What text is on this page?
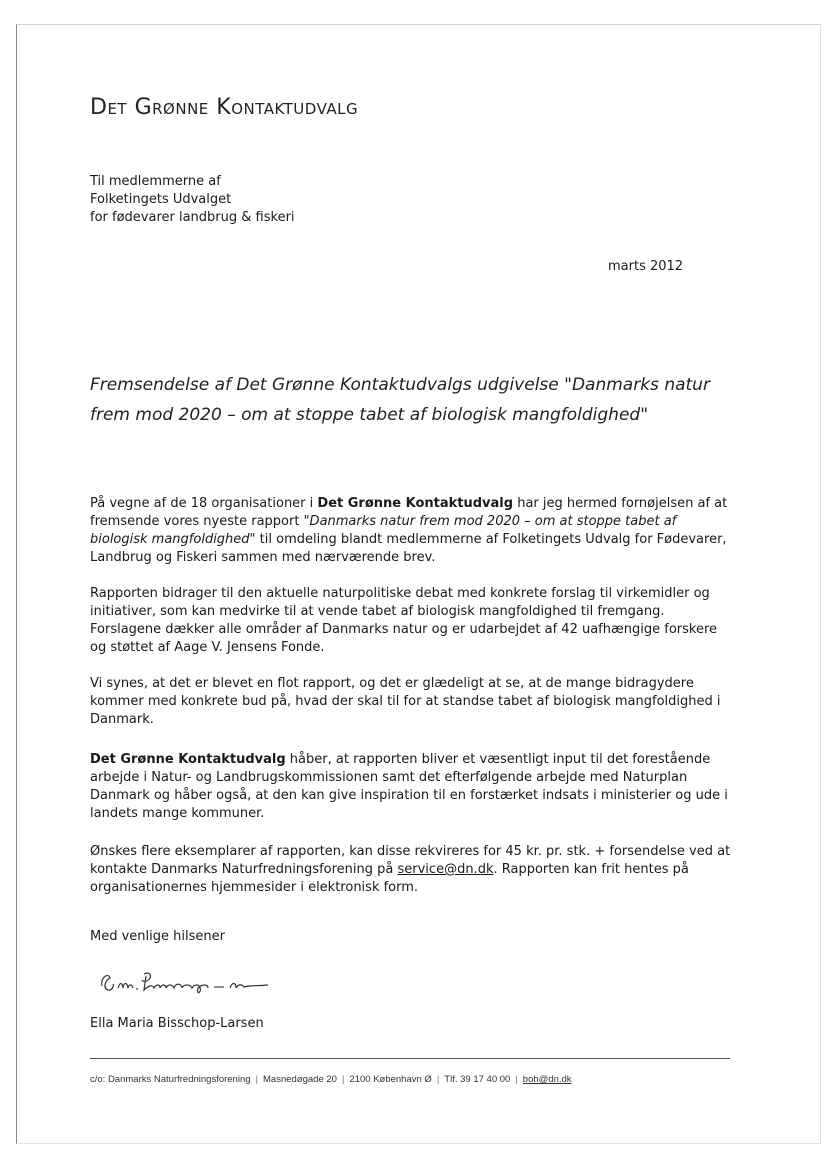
Det Grønne Kontaktudvalg
Til medlemmerne af
Folketingets Udvalget
for fødevarer landbrug & fiskeri
marts 2012
Fremsendelse af Det Grønne Kontaktudvalgs udgivelse "Danmarks natur frem mod 2020 – om at stoppe tabet af biologisk mangfoldighed"

På vegne af de 18 organisationer i Det Grønne Kontaktudvalg har jeg hermed fornøjelsen af at fremsende vores nyeste rapport "Danmarks natur frem mod 2020 – om at stoppe tabet af biologisk mangfoldighed" til omdeling blandt medlemmerne af Folketingets Udvalg for Fødevarer, Landbrug og Fiskeri sammen med nærværende brev.

Rapporten bidrager til den aktuelle naturpolitiske debat med konkrete forslag til virkemidler og initiativer, som kan medvirke til at vende tabet af biologisk mangfoldighed til fremgang. Forslagene dækker alle områder af Danmarks natur og er udarbejdet af 42 uafhængige forskere og støttet af Aage V. Jensens Fonde.

Vi synes, at det er blevet en flot rapport, og det er glædeligt at se, at de mange bidragydere kommer med konkrete bud på, hvad der skal til for at standse tabet af biologisk mangfoldighed i Danmark.

Det Grønne Kontaktudvalg håber, at rapporten bliver et væsentligt input til det forestående arbejde i Natur- og Landbrugskommissionen samt det efterfølgende arbejde med Naturplan Danmark og håber også, at den kan give inspiration til en forstærket indsats i ministerier og ude i landets mange kommuner.

Ønskes flere eksemplarer af rapporten, kan disse rekvireres for 45 kr. pr. stk. + forsendelse ved at kontakte Danmarks Naturfredningsforening på service@dn.dk. Rapporten kan frit hentes på organisationernes hjemmesider i elektronisk form.

Med venlige hilsener
Ella Maria Bisschop-Larsen
c/o: Danmarks Naturfredningsforening | Masnedøgade 20 | 2100 København Ø | Tlf. 39 17 40 00 | boh@dn.dk
